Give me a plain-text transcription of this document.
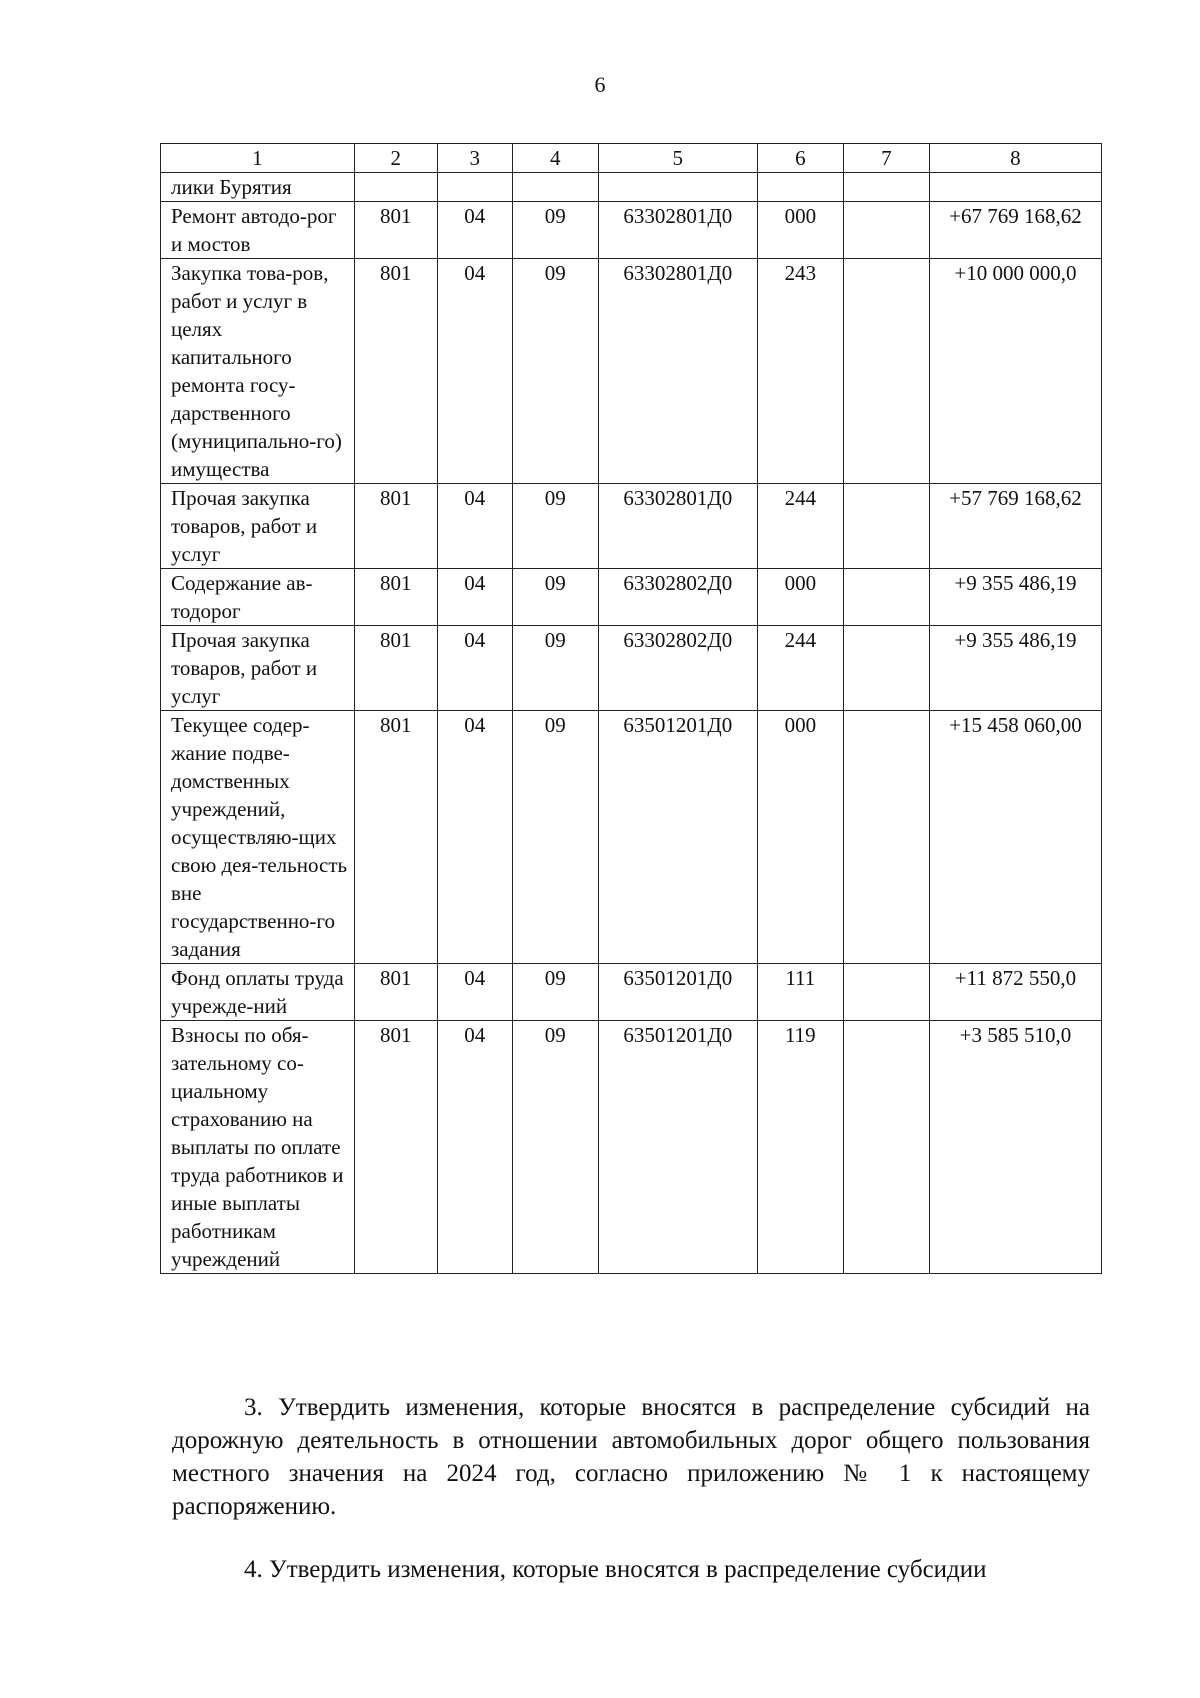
6
1	2	3	4	5	6	7	8
лики Бурятия							
Ремонт автодо-рог и мостов	801	04	09	63302801Д0	000		+67 769 168,62
Закупка това-ров, работ и услуг в целях капитального ремонта госу-дарственного (муниципально-го) имущества	801	04	09	63302801Д0	243		+10 000 000,0
Прочая закупка товаров, работ и услуг	801	04	09	63302801Д0	244		+57 769 168,62
Содержание ав-тодорог	801	04	09	63302802Д0	000		+9 355 486,19
Прочая закупка товаров, работ и услуг	801	04	09	63302802Д0	244		+9 355 486,19
Текущее содер-жание подве-домственных учреждений, осуществляю-щих свою дея-тельность вне государственно-го задания	801	04	09	63501201Д0	000		+15 458 060,00
Фонд оплаты труда учрежде-ний	801	04	09	63501201Д0	111		+11 872 550,0
Взносы по обя-зательному со-циальному страхованию на выплаты по оплате труда работников и иные выплаты работникам учреждений	801	04	09	63501201Д0	119		+3 585 510,0

3. Утвердить изменения, которые вносятся в распределение субсидий на дорожную деятельность в отношении автомобильных дорог общего пользования местного значения на 2024 год, согласно приложению № 1 к настоящему распоряжению.

4. Утвердить изменения, которые вносятся в распределение субсидии
